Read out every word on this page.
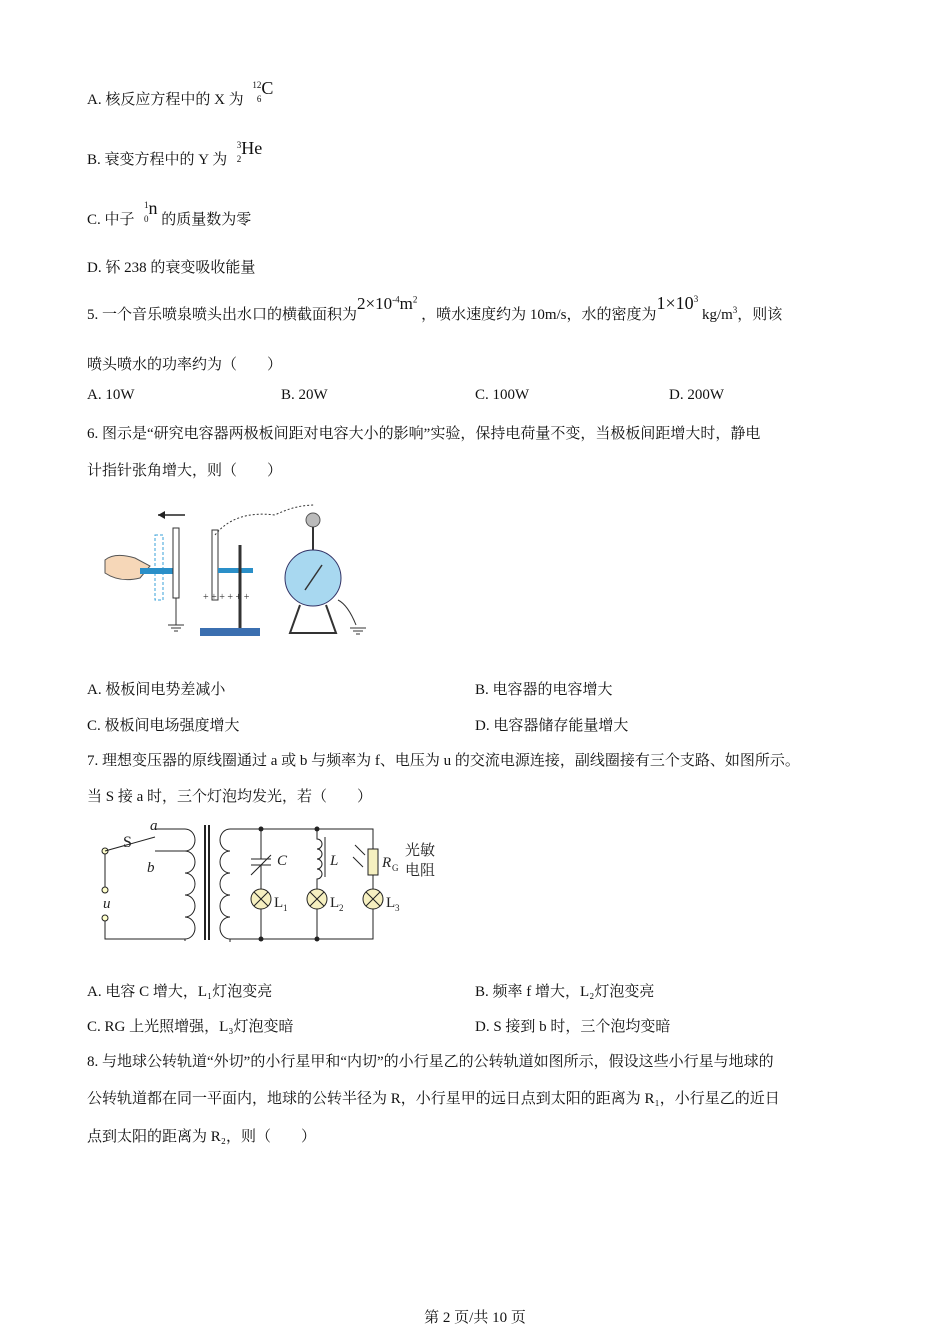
A. 核反应方程中的 X 为
12
6
C
B. 衰变方程中的 Y 为
3
2
He
C. 中子
1
0
n 的质量数为零
D. 钚 238 的衰变吸收能量
5. 一个音乐喷泉喷头出水口的横截面积为$2\times 10^{-4}m^2$ ，喷水速度约为 10m/s，水的密度为$1\times 10^3$ $kg/m^3$，则该
喷头喷水的功率约为（　　）
A. 10W	B. 20W	C. 100W	D. 200W
6. 图示是“研究电容器两极板间距对电容大小的影响”实验，保持电荷量不变，当极板间距增大时，静电
计指针张角增大，则（　　）
+ + + + + +
A. 极板间电势差减小	B. 电容器的电容增大
C. 极板间电场强度增大	D. 电容器储存能量增大
7. 理想变压器的原线圈通过 a 或 b 与频率为 f、电压为 u 的交流电源连接，副线圈接有三个支路、如图所示。
当 S 接 a 时，三个灯泡均发光，若（　　）
S
a
b
u
C	L	R G
L 1	L 2	L 3
光敏
电阻
A. 电容 C 增大，L₁灯泡变亮	B. 频率 f 增大，L₂灯泡变亮
C. RG 上光照增强，L₃灯泡变暗	D. S 接到 b 时，三个泡均变暗
8. 与地球公转轨道“外切”的小行星甲和“内切”的小行星乙的公转轨道如图所示，假设这些小行星与地球的
公转轨道都在同一平面内，地球的公转半径为 R，小行星甲的远日点到太阳的距离为 R₁，小行星乙的近日
点到太阳的距离为 R₂，则（　　）
第 2 页/共 10 页
